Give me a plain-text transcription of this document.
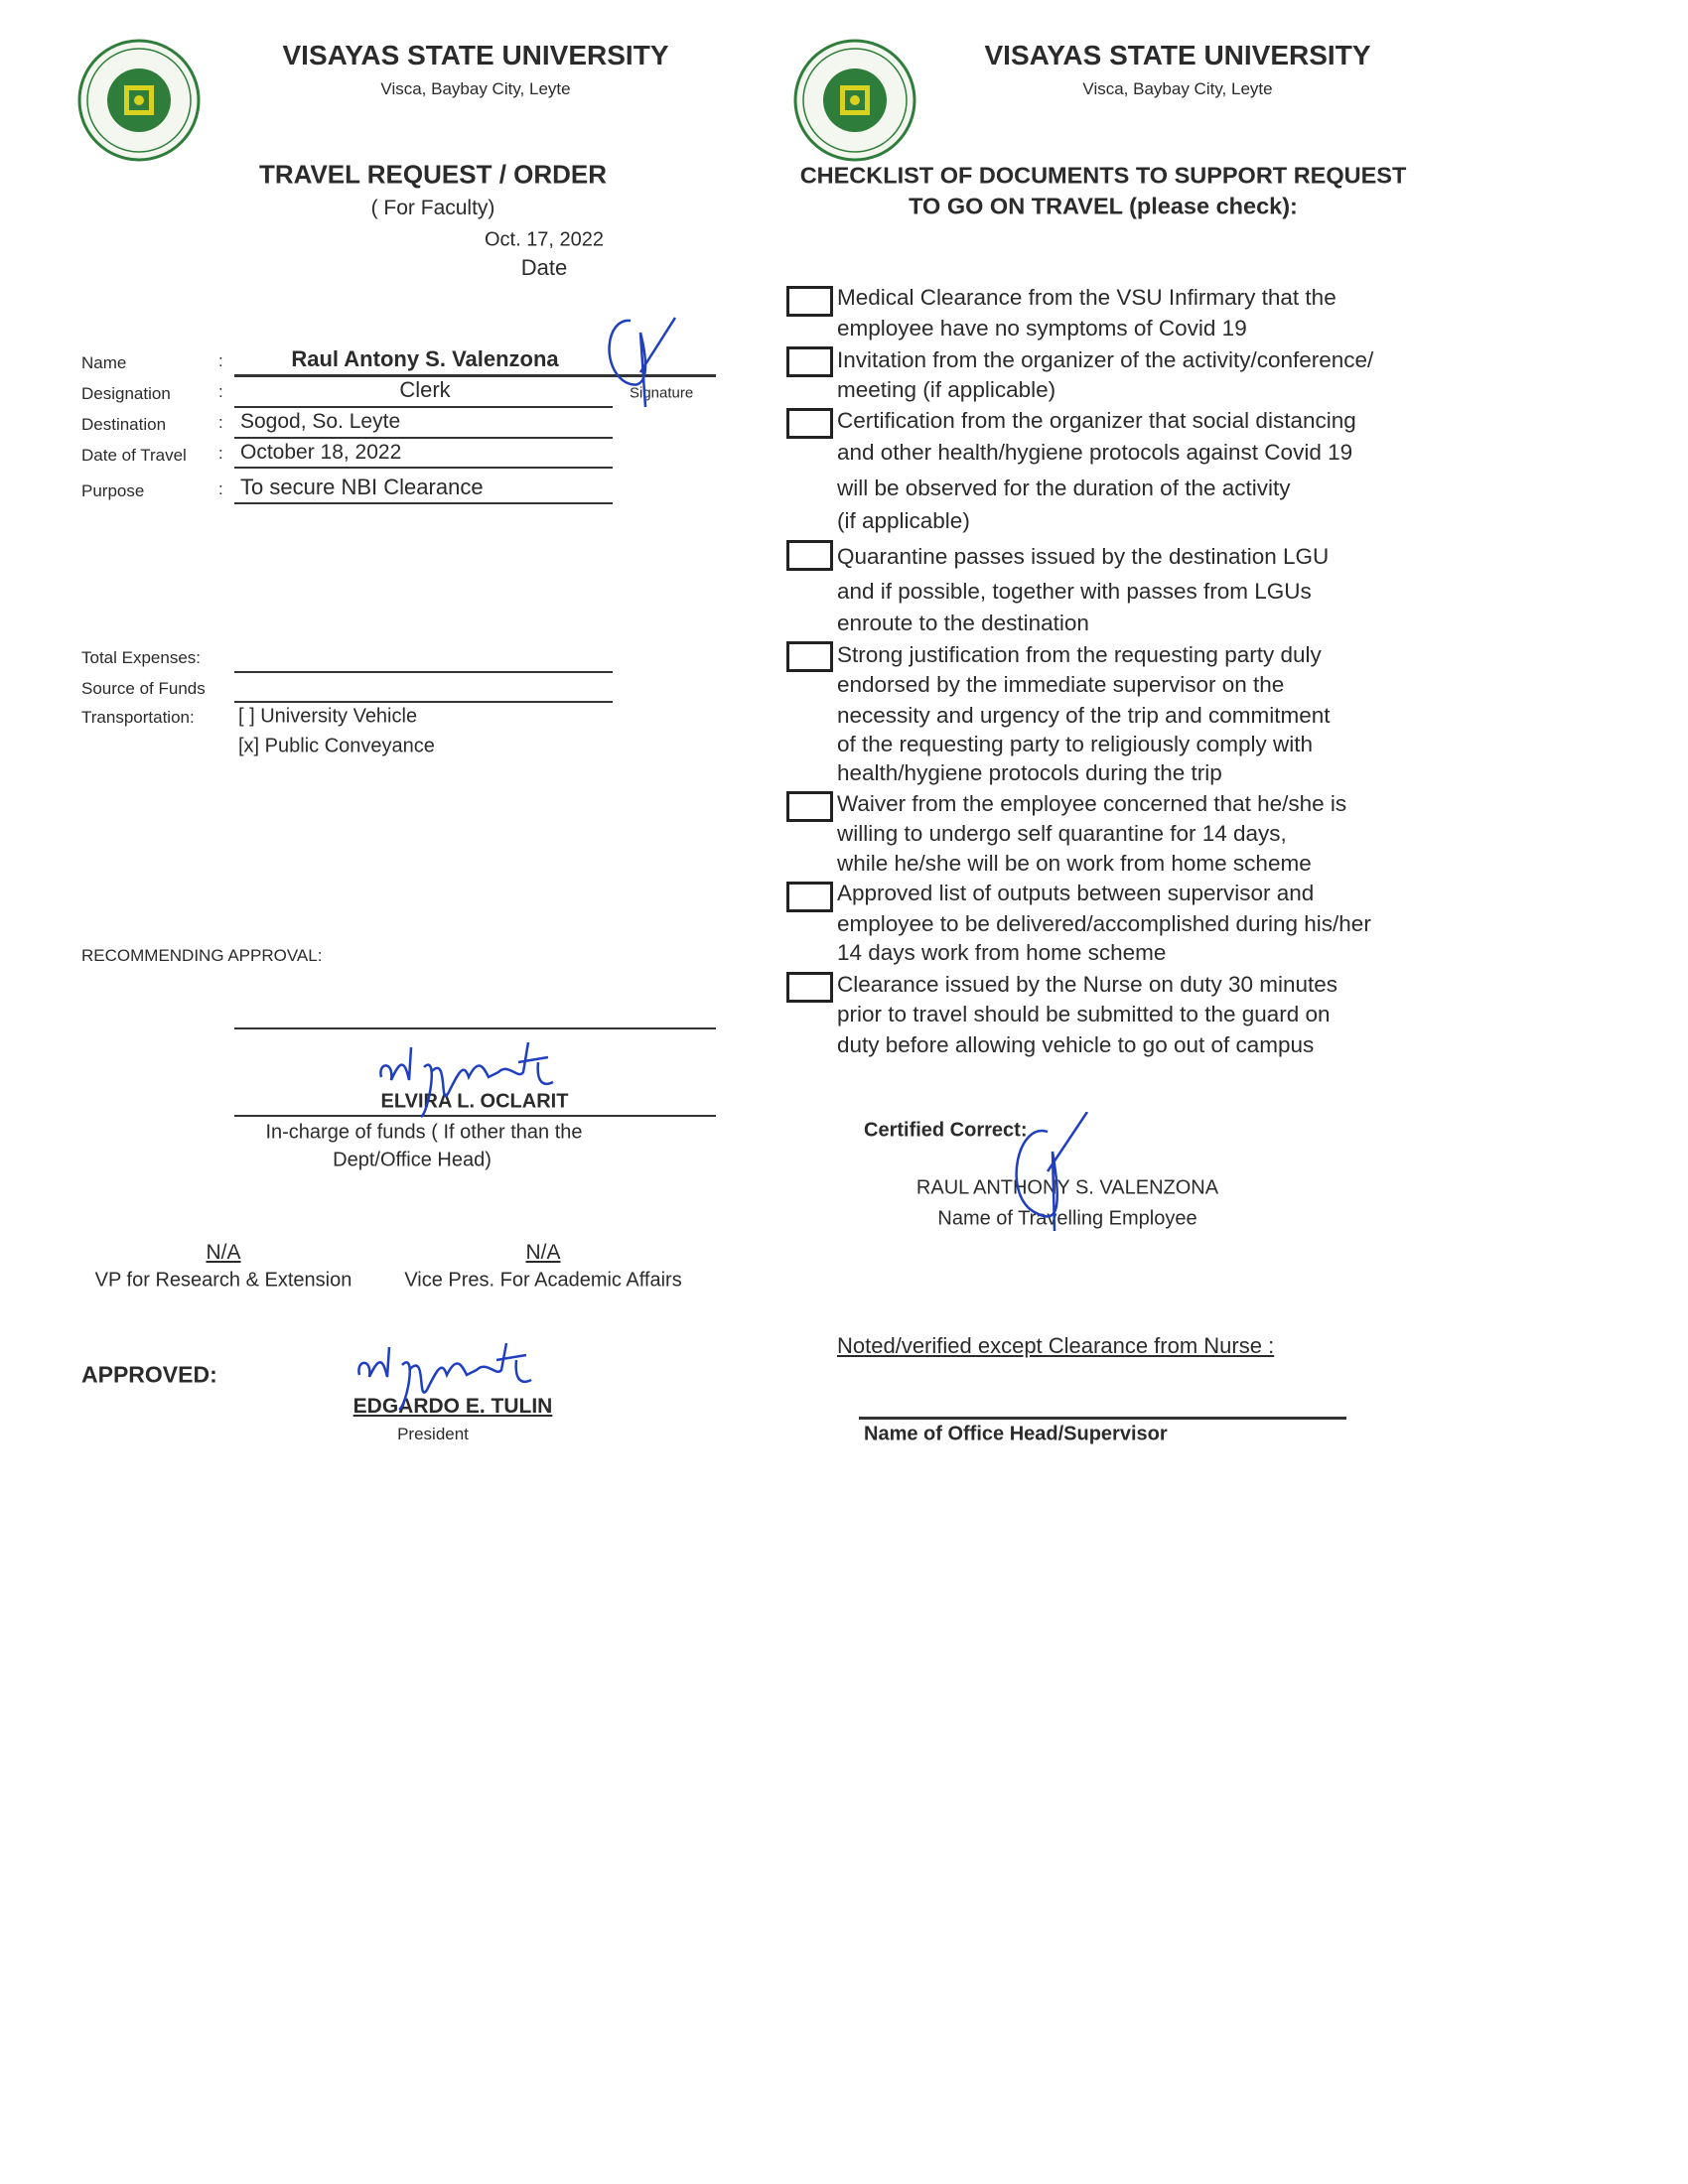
VISAYAS STATE UNIVERSITY
Visca, Baybay City, Leyte
TRAVEL REQUEST / ORDER
( For Faculty)
Oct. 17, 2022
Date
Name	:	Raul Antony S. Valenzona
Signature
Designation	:	Clerk
Destination	: Sogod, So. Leyte
Date of Travel : October 18, 2022
Purpose	: To secure NBI Clearance
Total Expenses:
Source of Funds
Transportation: [ ] University Vehicle
[x] Public Conveyance
RECOMMENDING APPROVAL:
ELVIRA L. OCLARIT
In-charge of funds ( If other than the
Dept/Office Head)
N/A
VP for Research & Extension
N/A
Vice Pres. For Academic Affairs
APPROVED:
EDGARDO E. TULIN
President
VISAYAS STATE UNIVERSITY
Visca, Baybay City, Leyte
CHECKLIST OF DOCUMENTS TO SUPPORT REQUEST
TO GO ON TRAVEL (please check):
Medical Clearance from the VSU Infirmary that the
employee have no symptoms of Covid 19
Invitation from the organizer of the activity/conference/
meeting (if applicable)
Certification from the organizer that social distancing
and other health/hygiene protocols against Covid 19
will be observed for the duration of the activity
(if applicable)
Quarantine passes issued by the destination LGU
and if possible, together with passes from LGUs
enroute to the destination
Strong justification from the requesting party duly
endorsed by the immediate supervisor on the
necessity and urgency of the trip and commitment
of the requesting party to religiously comply with
health/hygiene protocols during the trip
Waiver from the employee concerned that he/she is
willing to undergo self quarantine for 14 days,
while he/she will be on work from home scheme
Approved list of outputs between supervisor and
employee to be delivered/accomplished during his/her
14 days work from home scheme
Clearance issued by the Nurse on duty 30 minutes
prior to travel should be submitted to the guard on
duty before allowing vehicle to go out of campus
Certified Correct:
RAUL ANTHONY S. VALENZONA
Name of Travelling Employee
Noted/verified except Clearance from Nurse :
Name of Office Head/Supervisor
